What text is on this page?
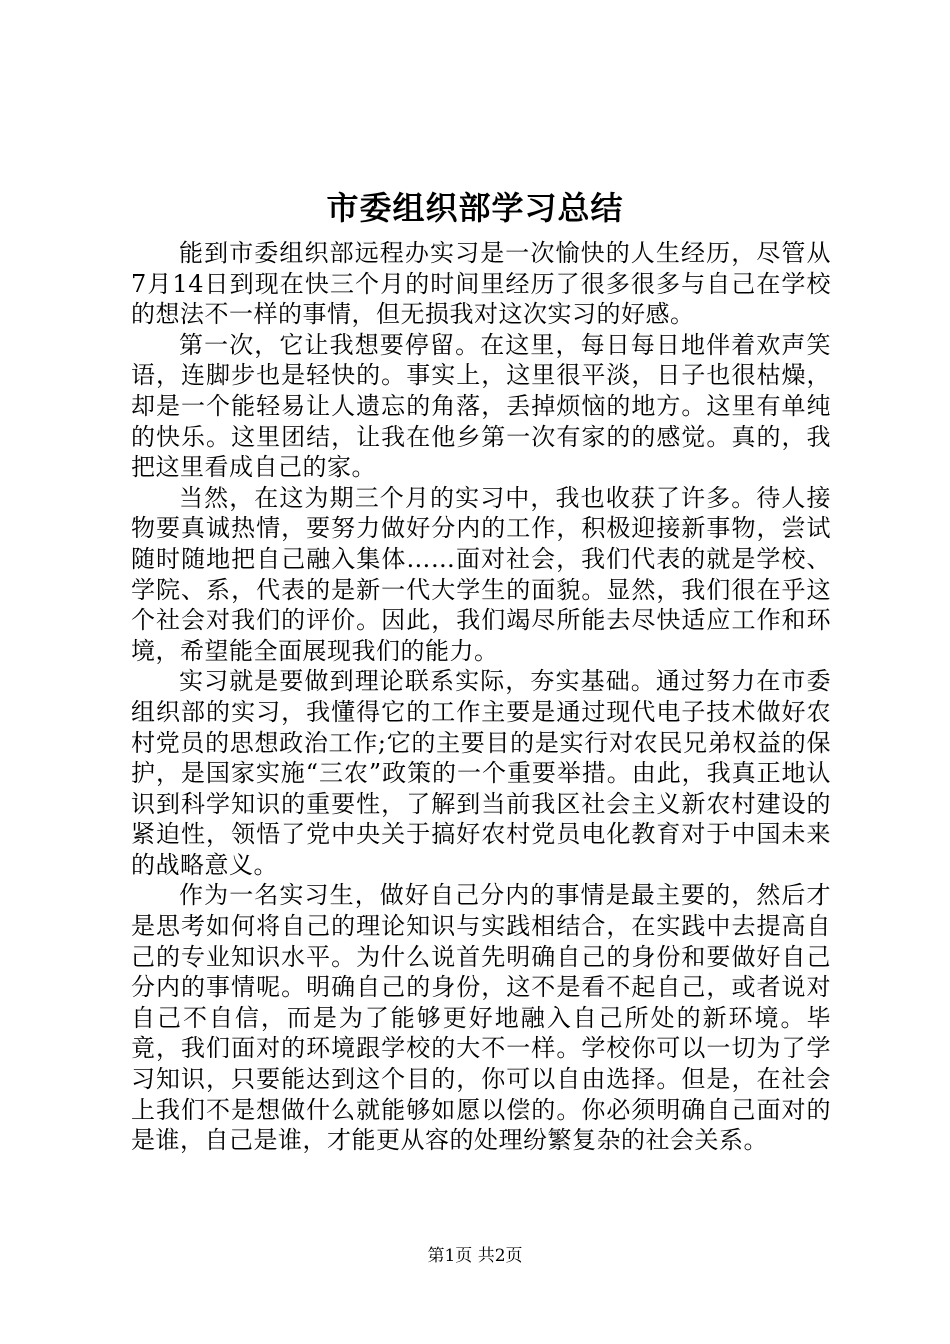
市委组织部学习总结

能到市委组织部远程办实习是一次愉快的人生经历，尽管从7月14日到现在快三个月的时间里经历了很多很多与自己在学校的想法不一样的事情，但无损我对这次实习的好感。

第一次，它让我想要停留。在这里，每日每日地伴着欢声笑语，连脚步也是轻快的。事实上，这里很平淡，日子也很枯燥，却是一个能轻易让人遗忘的角落，丢掉烦恼的地方。这里有单纯的快乐。这里团结，让我在他乡第一次有家的的感觉。真的，我把这里看成自己的家。

当然，在这为期三个月的实习中，我也收获了许多。待人接物要真诚热情，要努力做好分内的工作，积极迎接新事物，尝试随时随地把自己融入集体……面对社会，我们代表的就是学校、学院、系，代表的是新一代大学生的面貌。显然，我们很在乎这个社会对我们的评价。因此，我们竭尽所能去尽快适应工作和环境，希望能全面展现我们的能力。

实习就是要做到理论联系实际，夯实基础。通过努力在市委组织部的实习，我懂得它的工作主要是通过现代电子技术做好农村党员的思想政治工作;它的主要目的是实行对农民兄弟权益的保护，是国家实施“三农”政策的一个重要举措。由此，我真正地认识到科学知识的重要性，了解到当前我区社会主义新农村建设的紧迫性，领悟了党中央关于搞好农村党员电化教育对于中国未来的战略意义。

作为一名实习生，做好自己分内的事情是最主要的，然后才是思考如何将自己的理论知识与实践相结合，在实践中去提高自己的专业知识水平。为什么说首先明确自己的身份和要做好自己分内的事情呢。明确自己的身份，这不是看不起自己，或者说对自己不自信，而是为了能够更好地融入自己所处的新环境。毕竟，我们面对的环境跟学校的大不一样。学校你可以一切为了学习知识，只要能达到这个目的，你可以自由选择。但是，在社会上我们不是想做什么就能够如愿以偿的。你必须明确自己面对的是谁，自己是谁，才能更从容的处理纷繁复杂的社会关系。

第1页 共2页
